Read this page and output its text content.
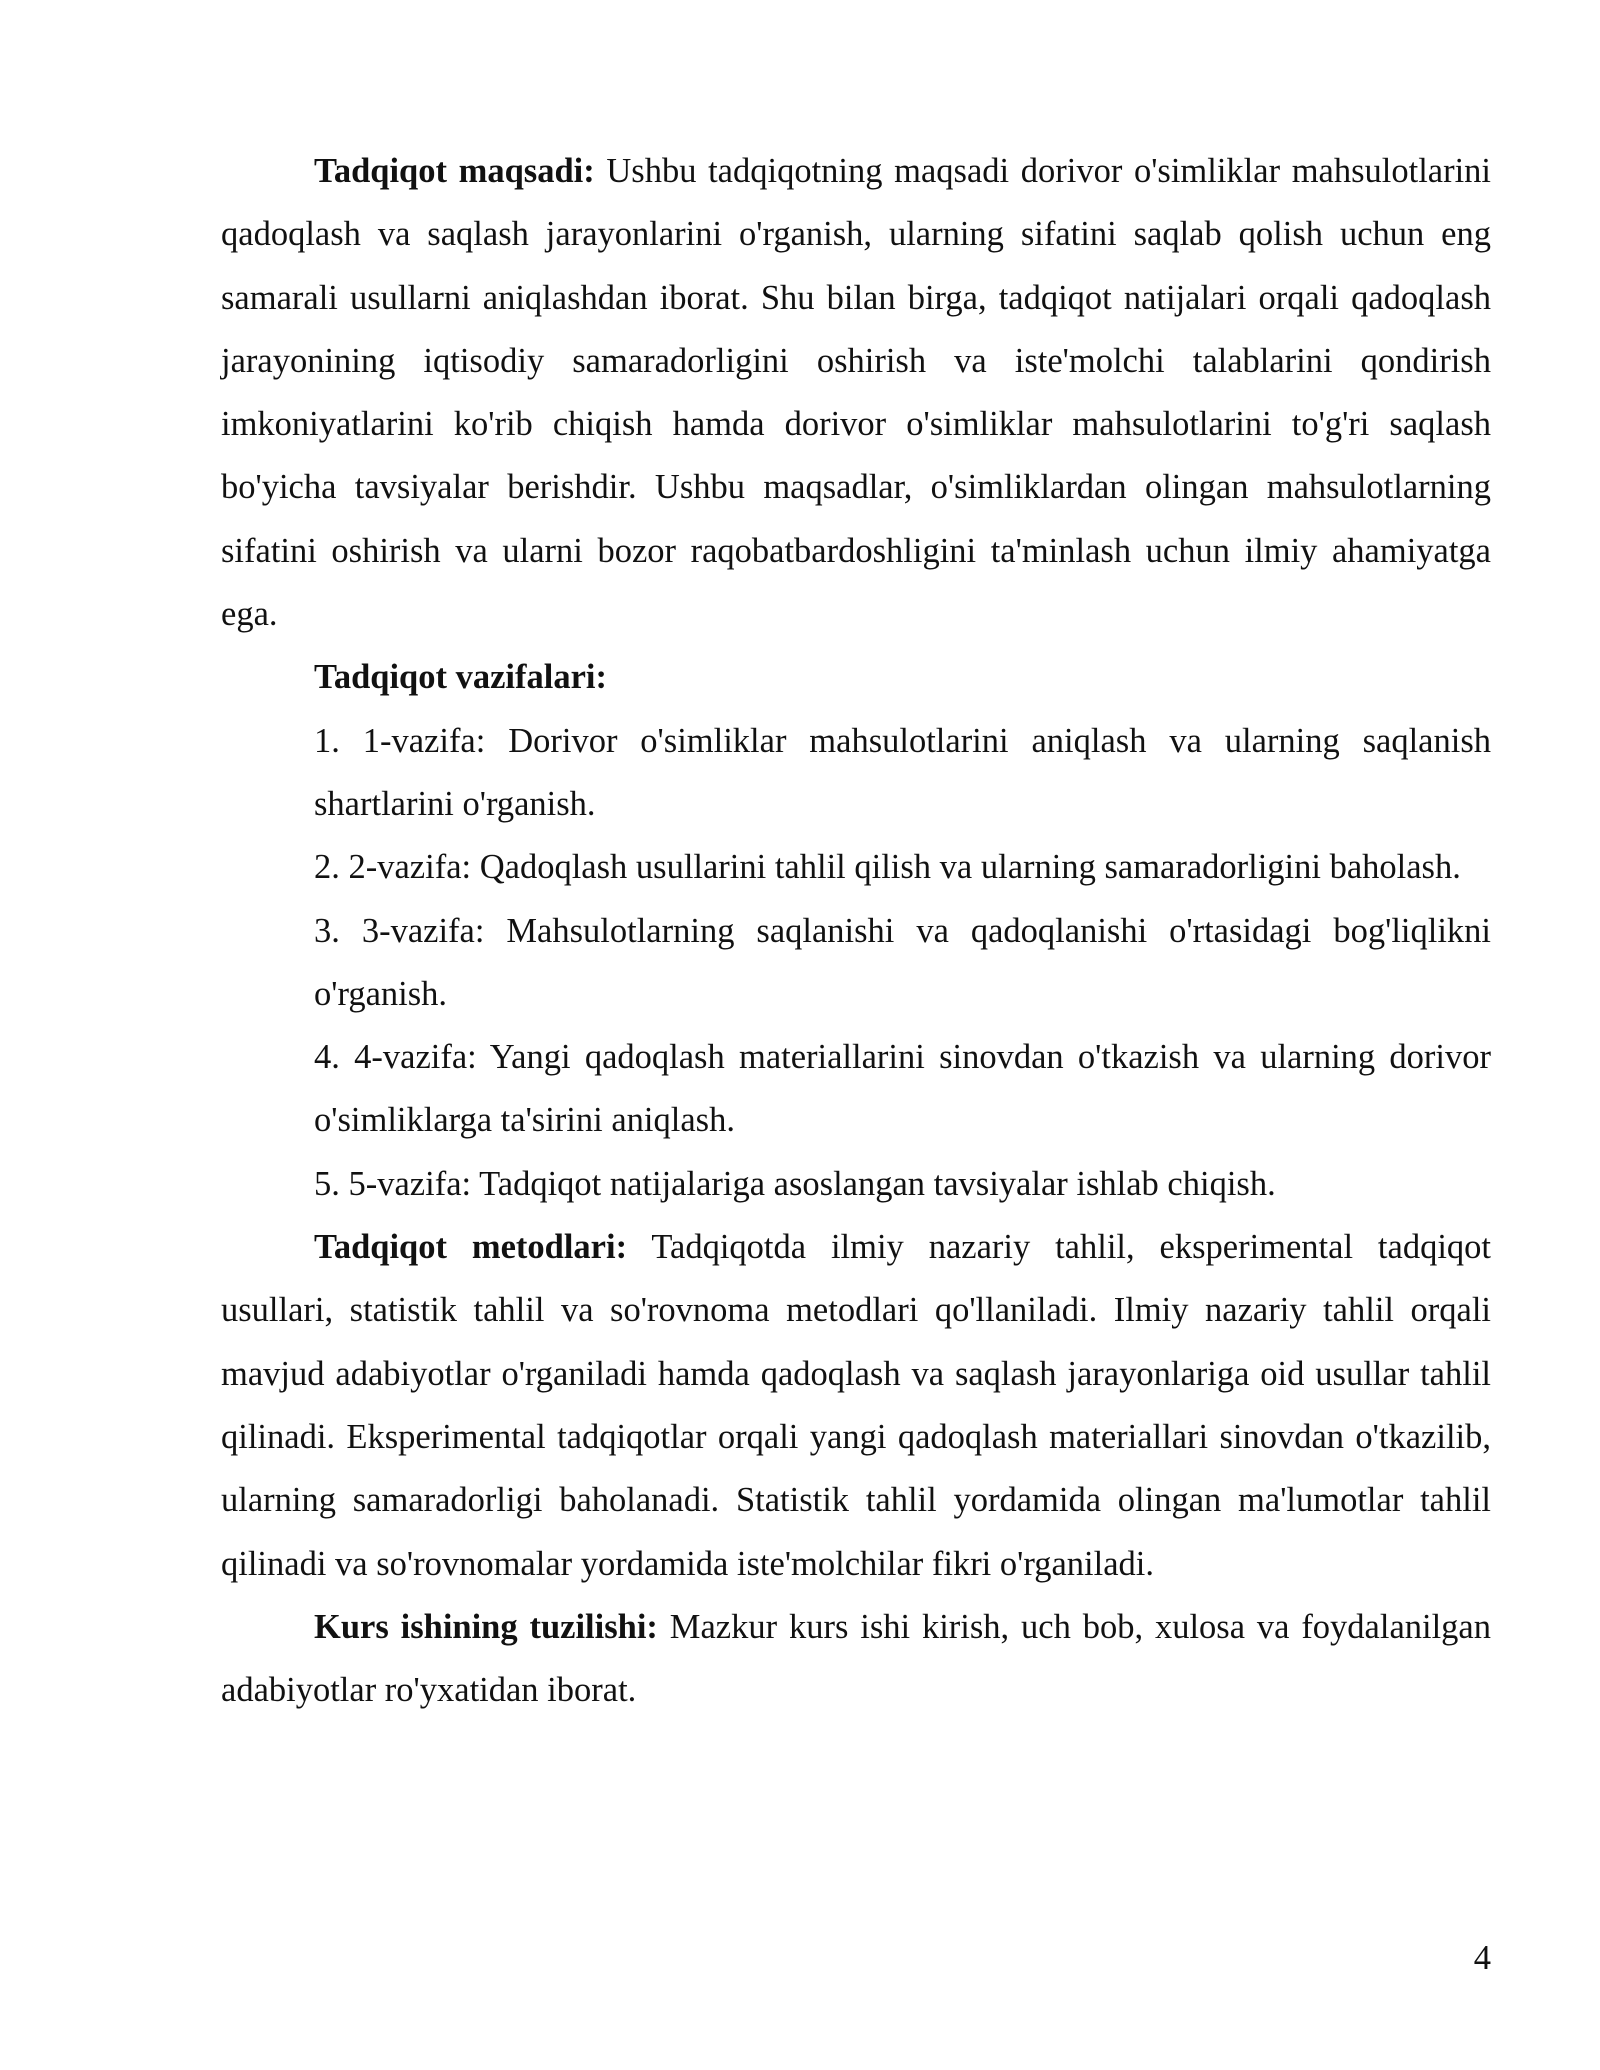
Tadqiqot maqsadi: Ushbu tadqiqotning maqsadi dorivor o'simliklar mahsulotlarini qadoqlash va saqlash jarayonlarini o'rganish, ularning sifatini saqlab qolish uchun eng samarali usullarni aniqlashdan iborat. Shu bilan birga, tadqiqot natijalari orqali qadoqlash jarayonining iqtisodiy samaradorligini oshirish va iste'molchi talablarini qondirish imkoniyatlarini ko'rib chiqish hamda dorivor o'simliklar mahsulotlarini to'g'ri saqlash bo'yicha tavsiyalar berishdir. Ushbu maqsadlar, o'simliklardan olingan mahsulotlarning sifatini oshirish va ularni bozor raqobatbardoshligini ta'minlash uchun ilmiy ahamiyatga ega.

Tadqiqot vazifalari:

1. 1-vazifa: Dorivor o'simliklar mahsulotlarini aniqlash va ularning saqlanish shartlarini o'rganish.

2. 2-vazifa: Qadoqlash usullarini tahlil qilish va ularning samaradorligini baholash.

3. 3-vazifa: Mahsulotlarning saqlanishi va qadoqlanishi o'rtasidagi bog'liqlikni o'rganish.

4. 4-vazifa: Yangi qadoqlash materiallarini sinovdan o'tkazish va ularning dorivor o'simliklarga ta'sirini aniqlash.

5. 5-vazifa: Tadqiqot natijalariga asoslangan tavsiyalar ishlab chiqish.

Tadqiqot metodlari: Tadqiqotda ilmiy nazariy tahlil, eksperimental tadqiqot usullari, statistik tahlil va so'rovnoma metodlari qo'llaniladi. Ilmiy nazariy tahlil orqali mavjud adabiyotlar o'rganiladi hamda qadoqlash va saqlash jarayonlariga oid usullar tahlil qilinadi. Eksperimental tadqiqotlar orqali yangi qadoqlash materiallari sinovdan o'tkazilib, ularning samaradorligi baholanadi. Statistik tahlil yordamida olingan ma'lumotlar tahlil qilinadi va so'rovnomalar yordamida iste'molchilar fikri o'rganiladi.

Kurs ishining tuzilishi: Mazkur kurs ishi kirish, uch bob, xulosa va foydalanilgan adabiyotlar ro'yxatidan iborat.

4
